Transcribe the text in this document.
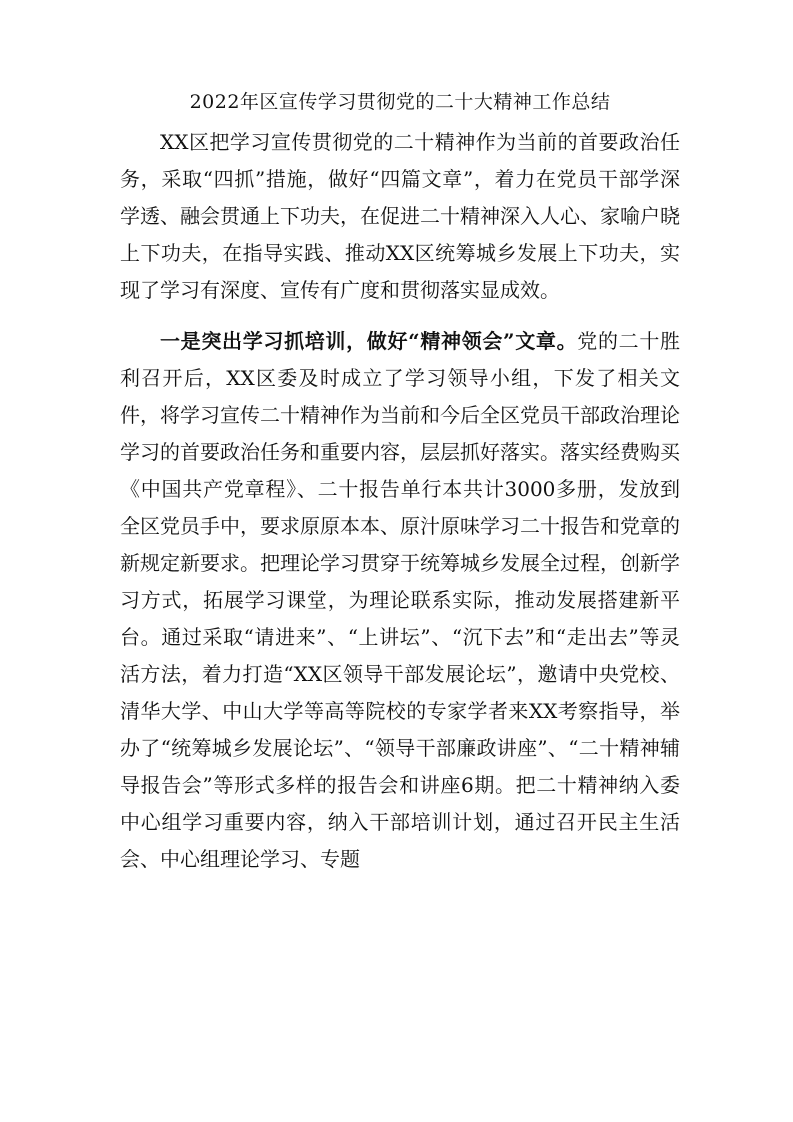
2022年区宣传学习贯彻党的二十大精神工作总结

XX区把学习宣传贯彻党的二十精神作为当前的首要政治任务，采取“四抓”措施，做好“四篇文章”，着力在党员干部学深学透、融会贯通上下功夫，在促进二十精神深入人心、家喻户晓上下功夫，在指导实践、推动XX区统筹城乡发展上下功夫，实现了学习有深度、宣传有广度和贯彻落实显成效。

一是突出学习抓培训，做好“精神领会”文章。党的二十胜利召开后，XX区委及时成立了学习领导小组，下发了相关文件，将学习宣传二十精神作为当前和今后全区党员干部政治理论学习的首要政治任务和重要内容，层层抓好落实。落实经费购买《中国共产党章程》、二十报告单行本共计3000多册，发放到全区党员手中，要求原原本本、原汁原味学习二十报告和党章的新规定新要求。把理论学习贯穿于统筹城乡发展全过程，创新学习方式，拓展学习课堂，为理论联系实际，推动发展搭建新平台。通过采取“请进来”、“上讲坛”、“沉下去”和“走出去”等灵活方法，着力打造“XX区领导干部发展论坛”，邀请中央党校、清华大学、中山大学等高等院校的专家学者来XX考察指导，举办了“统筹城乡发展论坛”、“领导干部廉政讲座”、“二十精神辅导报告会”等形式多样的报告会和讲座6期。把二十精神纳入委中心组学习重要内容，纳入干部培训计划，通过召开民主生活会、中心组理论学习、专题
